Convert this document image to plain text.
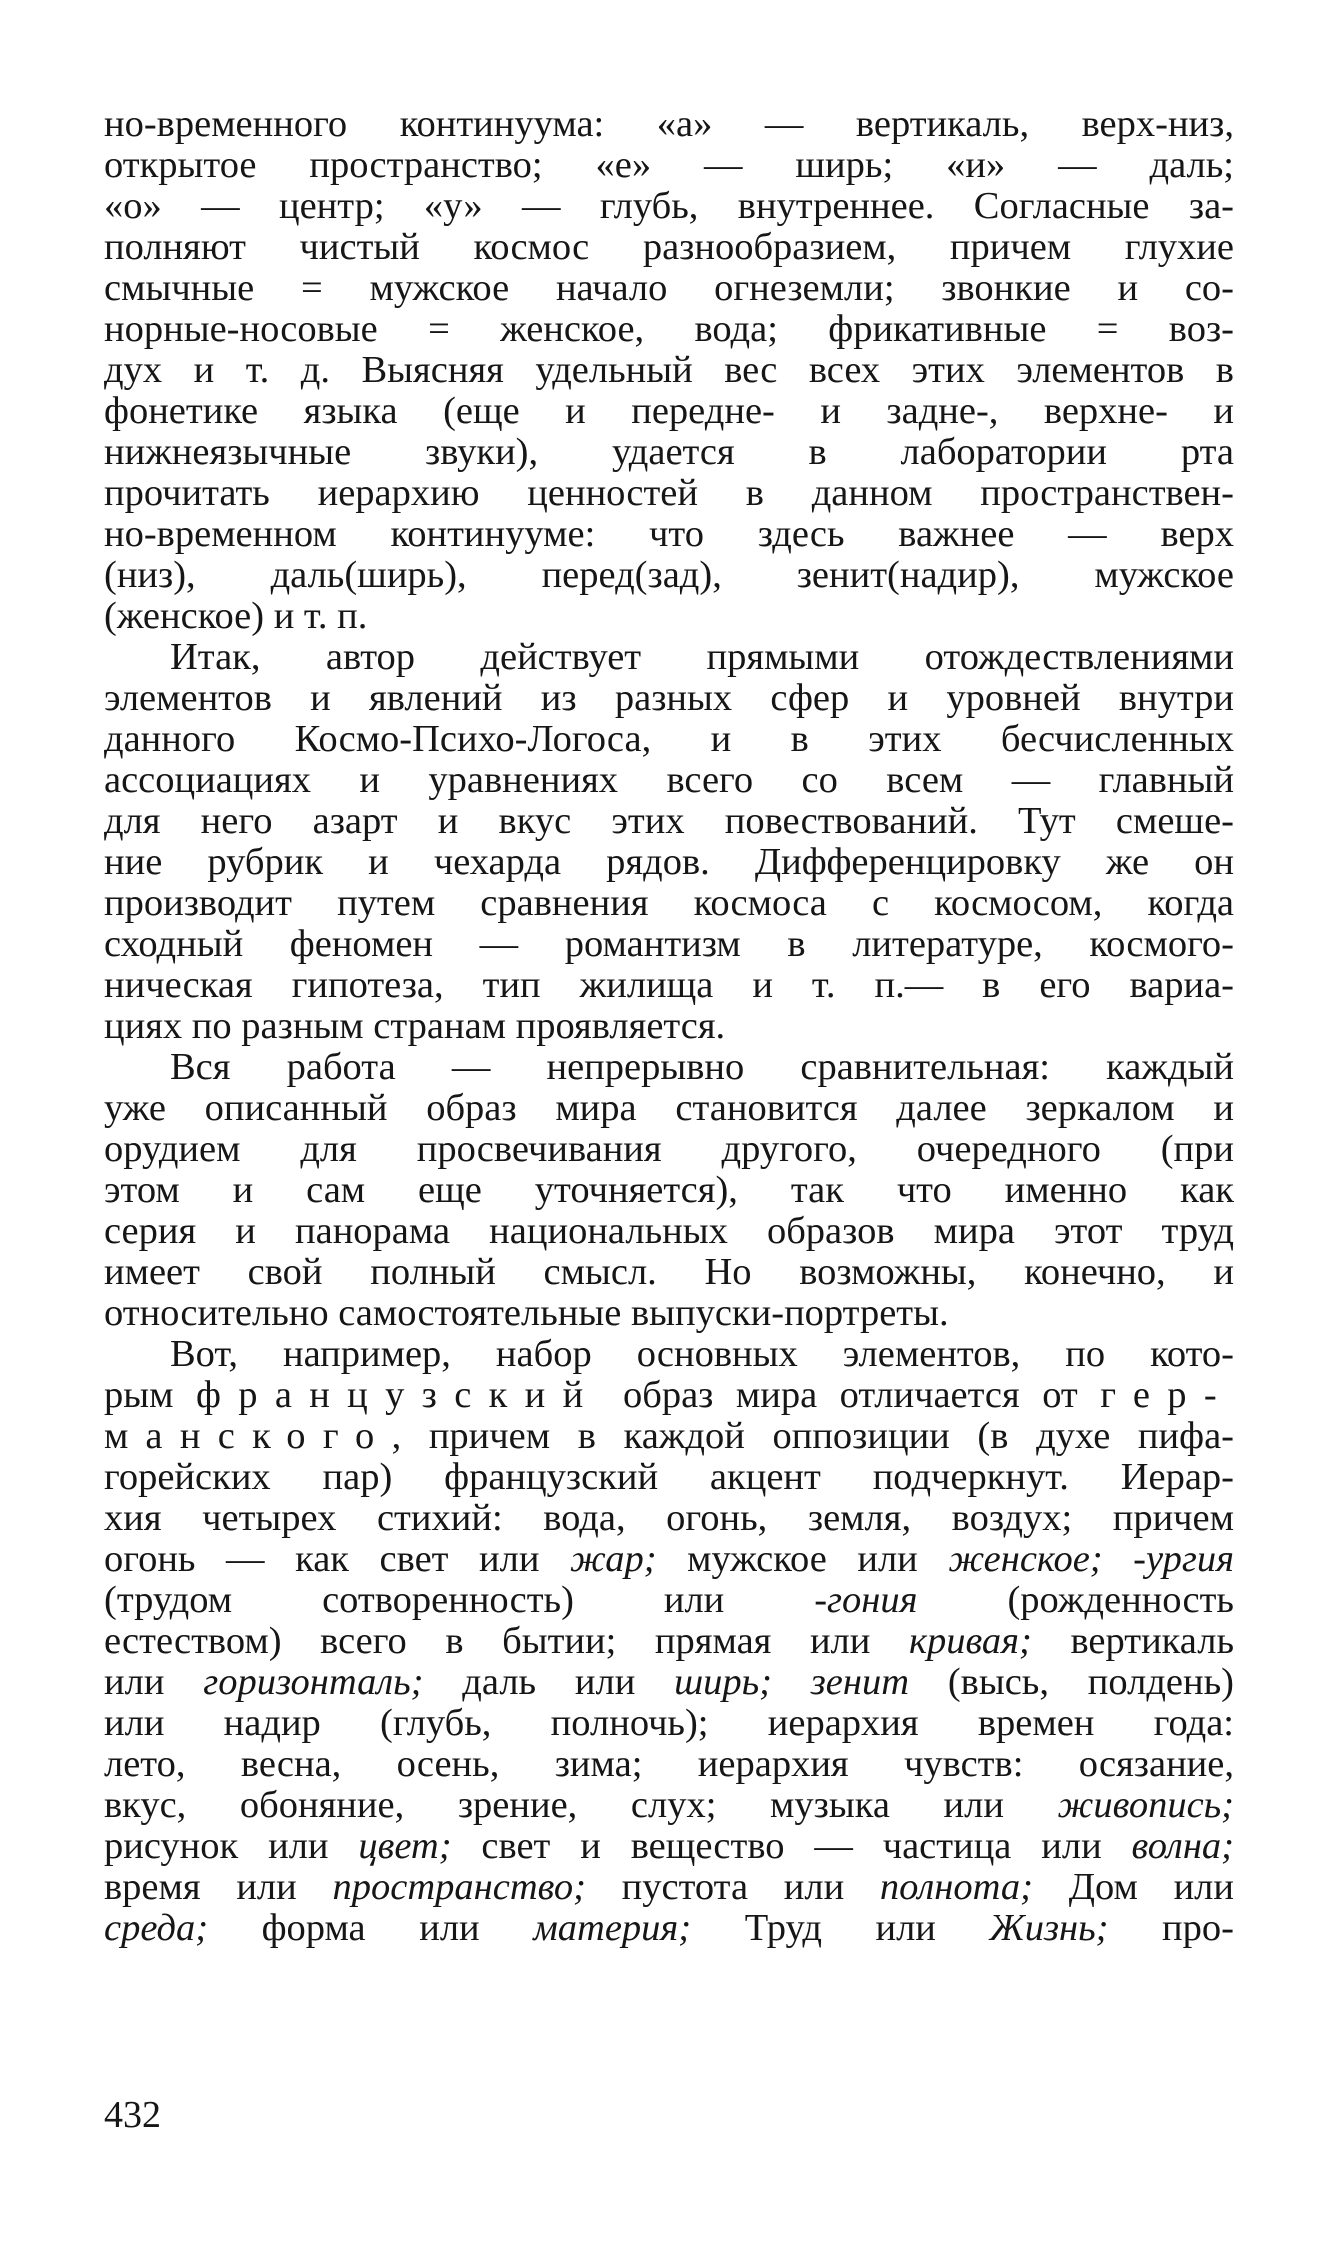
но-временного континуума: «а» — вертикаль, верх-низ,
открытое пространство; «е» — ширь; «и» — даль;
«о» — центр; «у» — глубь, внутреннее. Согласные за-
полняют чистый космос разнообразием, причем глухие
смычные = мужское начало огнеземли; звонкие и со-
норные-носовые = женское, вода; фрикативные = воз-
дух и т. д. Выясняя удельный вес всех этих элементов в
фонетике языка (еще и передне- и задне-, верхне- и
нижнеязычные звуки), удается в лаборатории рта
прочитать иерархию ценностей в данном пространствен-
но-временном континууме: что здесь важнее — верх
(низ), даль(ширь), перед(зад), зенит(надир), мужское
(женское) и т. п.
Итак, автор действует прямыми отождествлениями
элементов и явлений из разных сфер и уровней внутри
данного Космо-Психо-Логоса, и в этих бесчисленных
ассоциациях и уравнениях всего со всем — главный
для него азарт и вкус этих повествований. Тут смеше-
ние рубрик и чехарда рядов. Дифференцировку же он
производит путем сравнения космоса с космосом, когда
сходный феномен — романтизм в литературе, космого-
ническая гипотеза, тип жилища и т. п.— в его вариа-
циях по разным странам проявляется.
Вся работа — непрерывно сравнительная: каждый
уже описанный образ мира становится далее зеркалом и
орудием для просвечивания другого, очередного (при
этом и сам еще уточняется), так что именно как
серия и панорама национальных образов мира этот труд
имеет свой полный смысл. Но возможны, конечно, и
относительно самостоятельные выпуски-портреты.
Вот, например, набор основных элементов, по кото-
рым французский образ мира отличается от гер-
манского, причем в каждой оппозиции (в духе пифа-
горейских пар) французский акцент подчеркнут. Иерар-
хия четырех стихий: вода, огонь, земля, воздух; причем
огонь — как свет или жар; мужское или женское; -ургия
(трудом сотворенность) или -гония (рожденность
естеством) всего в бытии; прямая или кривая; вертикаль
или горизонталь; даль или ширь; зенит (высь, полдень)
или надир (глубь, полночь); иерархия времен года:
лето, весна, осень, зима; иерархия чувств: осязание,
вкус, обоняние, зрение, слух; музыка или живопись;
рисунок или цвет; свет и вещество — частица или волна;
время или пространство; пустота или полнота; Дом или
среда; форма или материя; Труд или Жизнь; про-
432
